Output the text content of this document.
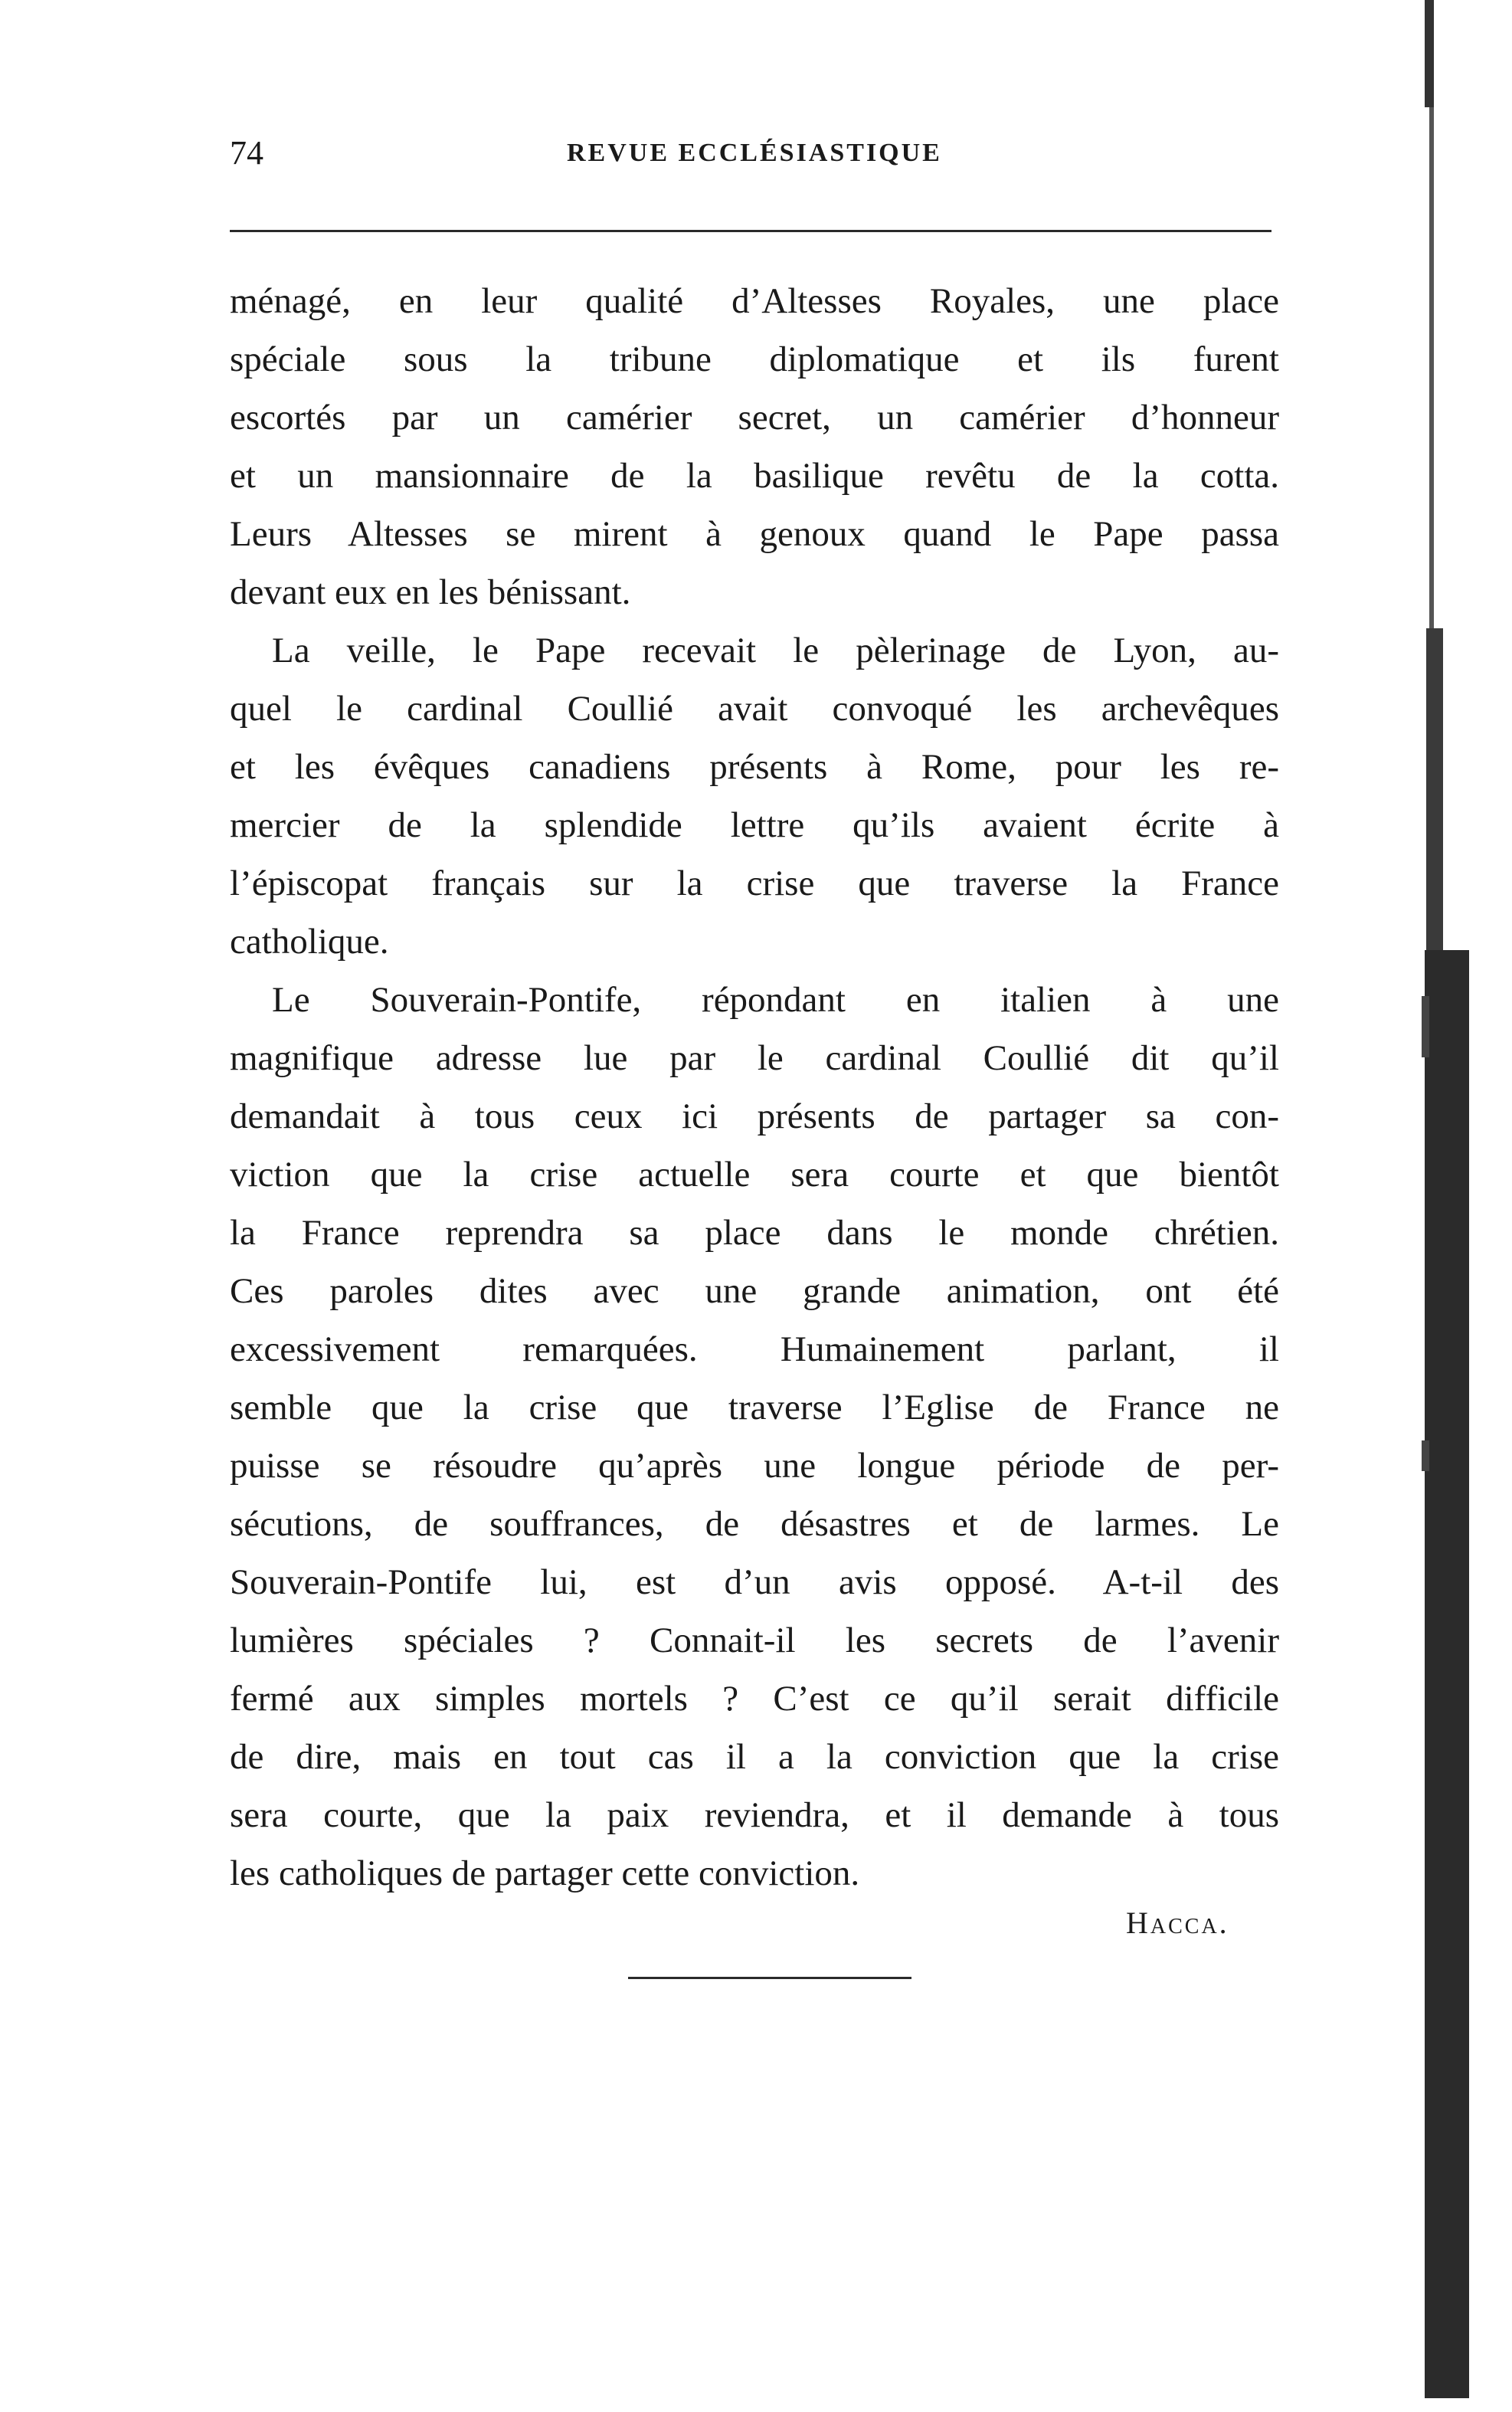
74	REVUE ECCLÉSIASTIQUE
ménagé, en leur qualité d’Altesses Royales, une place
spéciale sous la tribune diplomatique et ils furent
escortés par un camérier secret, un camérier d’honneur
et un mansionnaire de la basilique revêtu de la cotta.
Leurs Altesses se mirent à genoux quand le Pape passa
devant eux en les bénissant.
La veille, le Pape recevait le pèlerinage de Lyon, au-
quel le cardinal Coullié avait convoqué les archevêques
et les évêques canadiens présents à Rome, pour les re-
mercier de la splendide lettre qu’ils avaient écrite à
l’épiscopat français sur la crise que traverse la France
catholique.
Le Souverain-Pontife, répondant en italien à une
magnifique adresse lue par le cardinal Coullié dit qu’il
demandait à tous ceux ici présents de partager sa con-
viction que la crise actuelle sera courte et que bientôt
la France reprendra sa place dans le monde chrétien.
Ces paroles dites avec une grande animation, ont été
excessivement remarquées. Humainement parlant, il
semble que la crise que traverse l’Eglise de France ne
puisse se résoudre qu’après une longue période de per-
sécutions, de souffrances, de désastres et de larmes. Le
Souverain-Pontife lui, est d’un avis opposé. A-t-il des
lumières spéciales ? Connait-il les secrets de l’avenir
fermé aux simples mortels ? C’est ce qu’il serait difficile
de dire, mais en tout cas il a la conviction que la crise
sera courte, que la paix reviendra, et il demande à tous
les catholiques de partager cette conviction.
Hacca.
